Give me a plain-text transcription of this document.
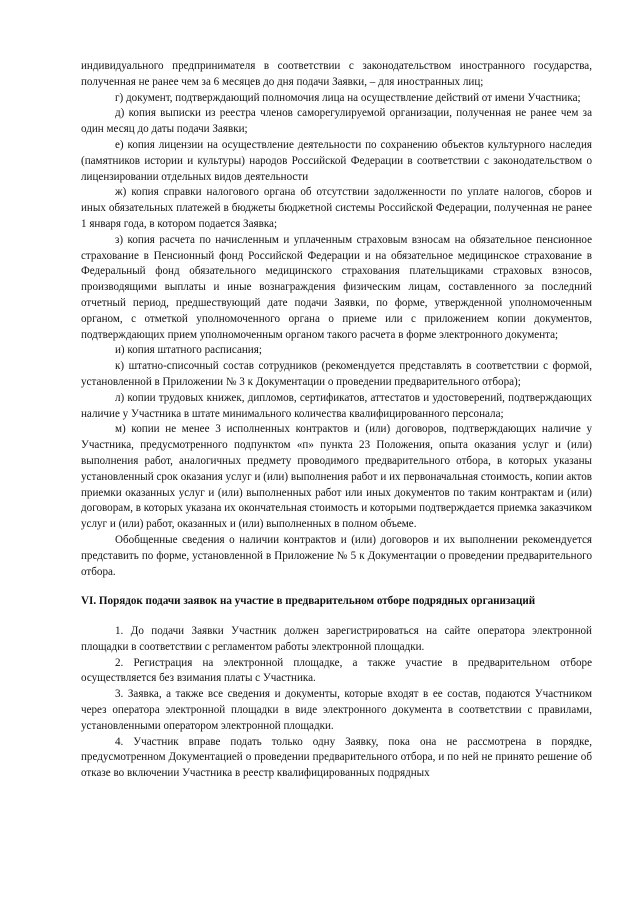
индивидуального предпринимателя в соответствии с законодательством иностранного государства, полученная не ранее чем за 6 месяцев до дня подачи Заявки, – для иностранных лиц;

г) документ, подтверждающий полномочия лица на осуществление действий от имени Участника;

д) копия выписки из реестра членов саморегулируемой организации, полученная не ранее чем за один месяц до даты подачи Заявки;

е) копия лицензии на осуществление деятельности по сохранению объектов культурного наследия (памятников истории и культуры) народов Российской Федерации в соответствии с законодательством о лицензировании отдельных видов деятельности

ж) копия справки налогового органа об отсутствии задолженности по уплате налогов, сборов и иных обязательных платежей в бюджеты бюджетной системы Российской Федерации, полученная не ранее 1 января года, в котором подается Заявка;

з) копия расчета по начисленным и уплаченным страховым взносам на обязательное пенсионное страхование в Пенсионный фонд Российской Федерации и на обязательное медицинское страхование в Федеральный фонд обязательного медицинского страхования плательщиками страховых взносов, производящими выплаты и иные вознаграждения физическим лицам, составленного за последний отчетный период, предшествующий дате подачи Заявки, по форме, утвержденной уполномоченным органом, с отметкой уполномоченного органа о приеме или с приложением копии документов, подтверждающих прием уполномоченным органом такого расчета в форме электронного документа;

и) копия штатного расписания;

к) штатно-списочный состав сотрудников (рекомендуется представлять в соответствии с формой, установленной в Приложении № 3 к Документации о проведении предварительного отбора);

л) копии трудовых книжек, дипломов, сертификатов, аттестатов и удостоверений, подтверждающих наличие у Участника в штате минимального количества квалифицированного персонала;

м) копии не менее 3 исполненных контрактов и (или) договоров, подтверждающих наличие у Участника, предусмотренного подпунктом «п» пункта 23 Положения, опыта оказания услуг и (или) выполнения работ, аналогичных предмету проводимого предварительного отбора, в которых указаны установленный срок оказания услуг и (или) выполнения работ и их первоначальная стоимость, копии актов приемки оказанных услуг и (или) выполненных работ или иных документов по таким контрактам и (или) договорам, в которых указана их окончательная стоимость и которыми подтверждается приемка заказчиком услуг и (или) работ, оказанных и (или) выполненных в полном объеме.

Обобщенные сведения о наличии контрактов и (или) договоров и их выполнении рекомендуется представить по форме, установленной в Приложение № 5 к Документации о проведении предварительного отбора.

VI. Порядок подачи заявок на участие в предварительном отборе подрядных организаций

1. До подачи Заявки Участник должен зарегистрироваться на сайте оператора электронной площадки в соответствии с регламентом работы электронной площадки.

2. Регистрация на электронной площадке, а также участие в предварительном отборе осуществляется без взимания платы с Участника.

3. Заявка, а также все сведения и документы, которые входят в ее состав, подаются Участником через оператора электронной площадки в виде электронного документа в соответствии с правилами, установленными оператором электронной площадки.

4. Участник вправе подать только одну Заявку, пока она не рассмотрена в порядке, предусмотренном Документацией о проведении предварительного отбора, и по ней не принято решение об отказе во включении Участника в реестр квалифицированных подрядных
